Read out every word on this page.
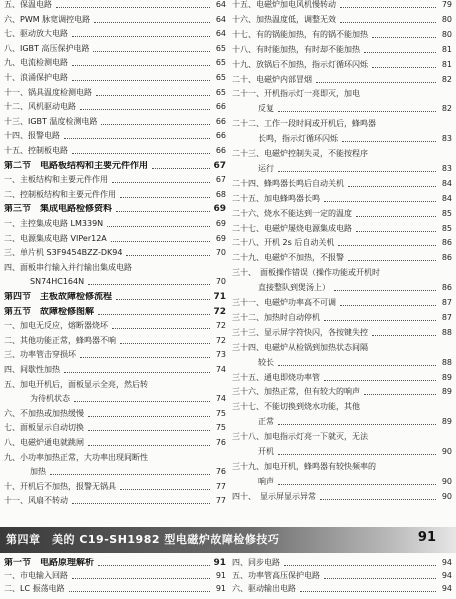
五、保温电路	64
六、PWM 脉宽调控电路	64
七、驱动放大电路	64
八、IGBT 高压保护电路	65
九、电流检测电路	65
十、浪涌保护电路	65
十一、锅具温度检测电路	65
十二、风机驱动电路	66
十三、IGBT 温度检测电路	66
十四、报警电路	66
十五、控制板电路	66
第二节　电路板结构和主要元件作用	67
一、主板结构和主要元件作用	67
二、控制板结构和主要元件作用	68
第三节　集成电路检修资料	69
一、主控集成电路 LM339N	69
二、电源集成电路 VIPer12A	69
三、单片机 S3F9454BZZ-DK94	70
四、面板串行输入并行输出集成电路
SN74HC164N	70
第四节　主板故障检修流程	71
第五节　故障检修图解	72
一、加电无反应，熔断器烧坏	72
二、其他功能正常，蜂鸣器不响	72
三、功率管击穿损坏	73
四、间歇性加热	74
五、加电开机后，面板显示全亮，然后转
为待机状态	74
六、不加热或加热缓慢	75
七、面板显示自动切换	75
八、电磁炉通电就跳闸	76
九、小功率加热正常，大功率出现间断性
加热	76
十、开机后不加热，报警无锅具	77
十一、风扇不转动	77
十五、电磁炉加电风机慢转动	79
十六、加热温度低，调整无效	80
十七、有的锅能加热，有的锅不能加热	80
十八、有时能加热，有时却不能加热	81
十九、放锅后不加热，指示灯循环闪烁	81
二十、电磁炉内部冒烟	82
二十一、开机指示灯一亮即灭，加电
反复	82
二十二、工作一段时间或开机后，蜂鸣器
长鸣，指示灯循环闪烁	83
二十三、电磁炉控制失灵，不能按程序
运行	83
二十四、蜂鸣器长鸣后自动关机	84
二十五、加电蜂鸣器长鸣	84
二十六、烧水不能达到一定的温度	85
二十七、电磁炉屡烧电源集成电路	85
二十八、开机 2s 后自动关机	86
二十九、电磁炉不加热，不报警	86
三十、　面板操作错误（操作功能或开机时
直接整队到煲汤上）	86
三十一、电磁炉功率高不可调	87
三十二、加热时自动停机	87
三十三、显示屏字符快闪，各按键失控	88
三十四、电磁炉从检锅到加热状态间隔
较长	88
三十五、通电即烧功率管	89
三十六、加热正常，但有较大的响声	89
三十七、不能切换到烧水功能，其他
正常	89
三十八、加电指示灯亮一下就灭，无法
开机	90
三十九、加电开机，蜂鸣器有较快频率的
响声	90
四十、　显示屏显示异常	90
第四章　美的 C19-SH1982 型电磁炉故障检修技巧	91
第一节　电路原理解析	91
一、市电输入回路	91
二、LC 振荡电路	91
四、同步电路	94
五、功率管高压保护电路	94
六、驱动输出电路	94
